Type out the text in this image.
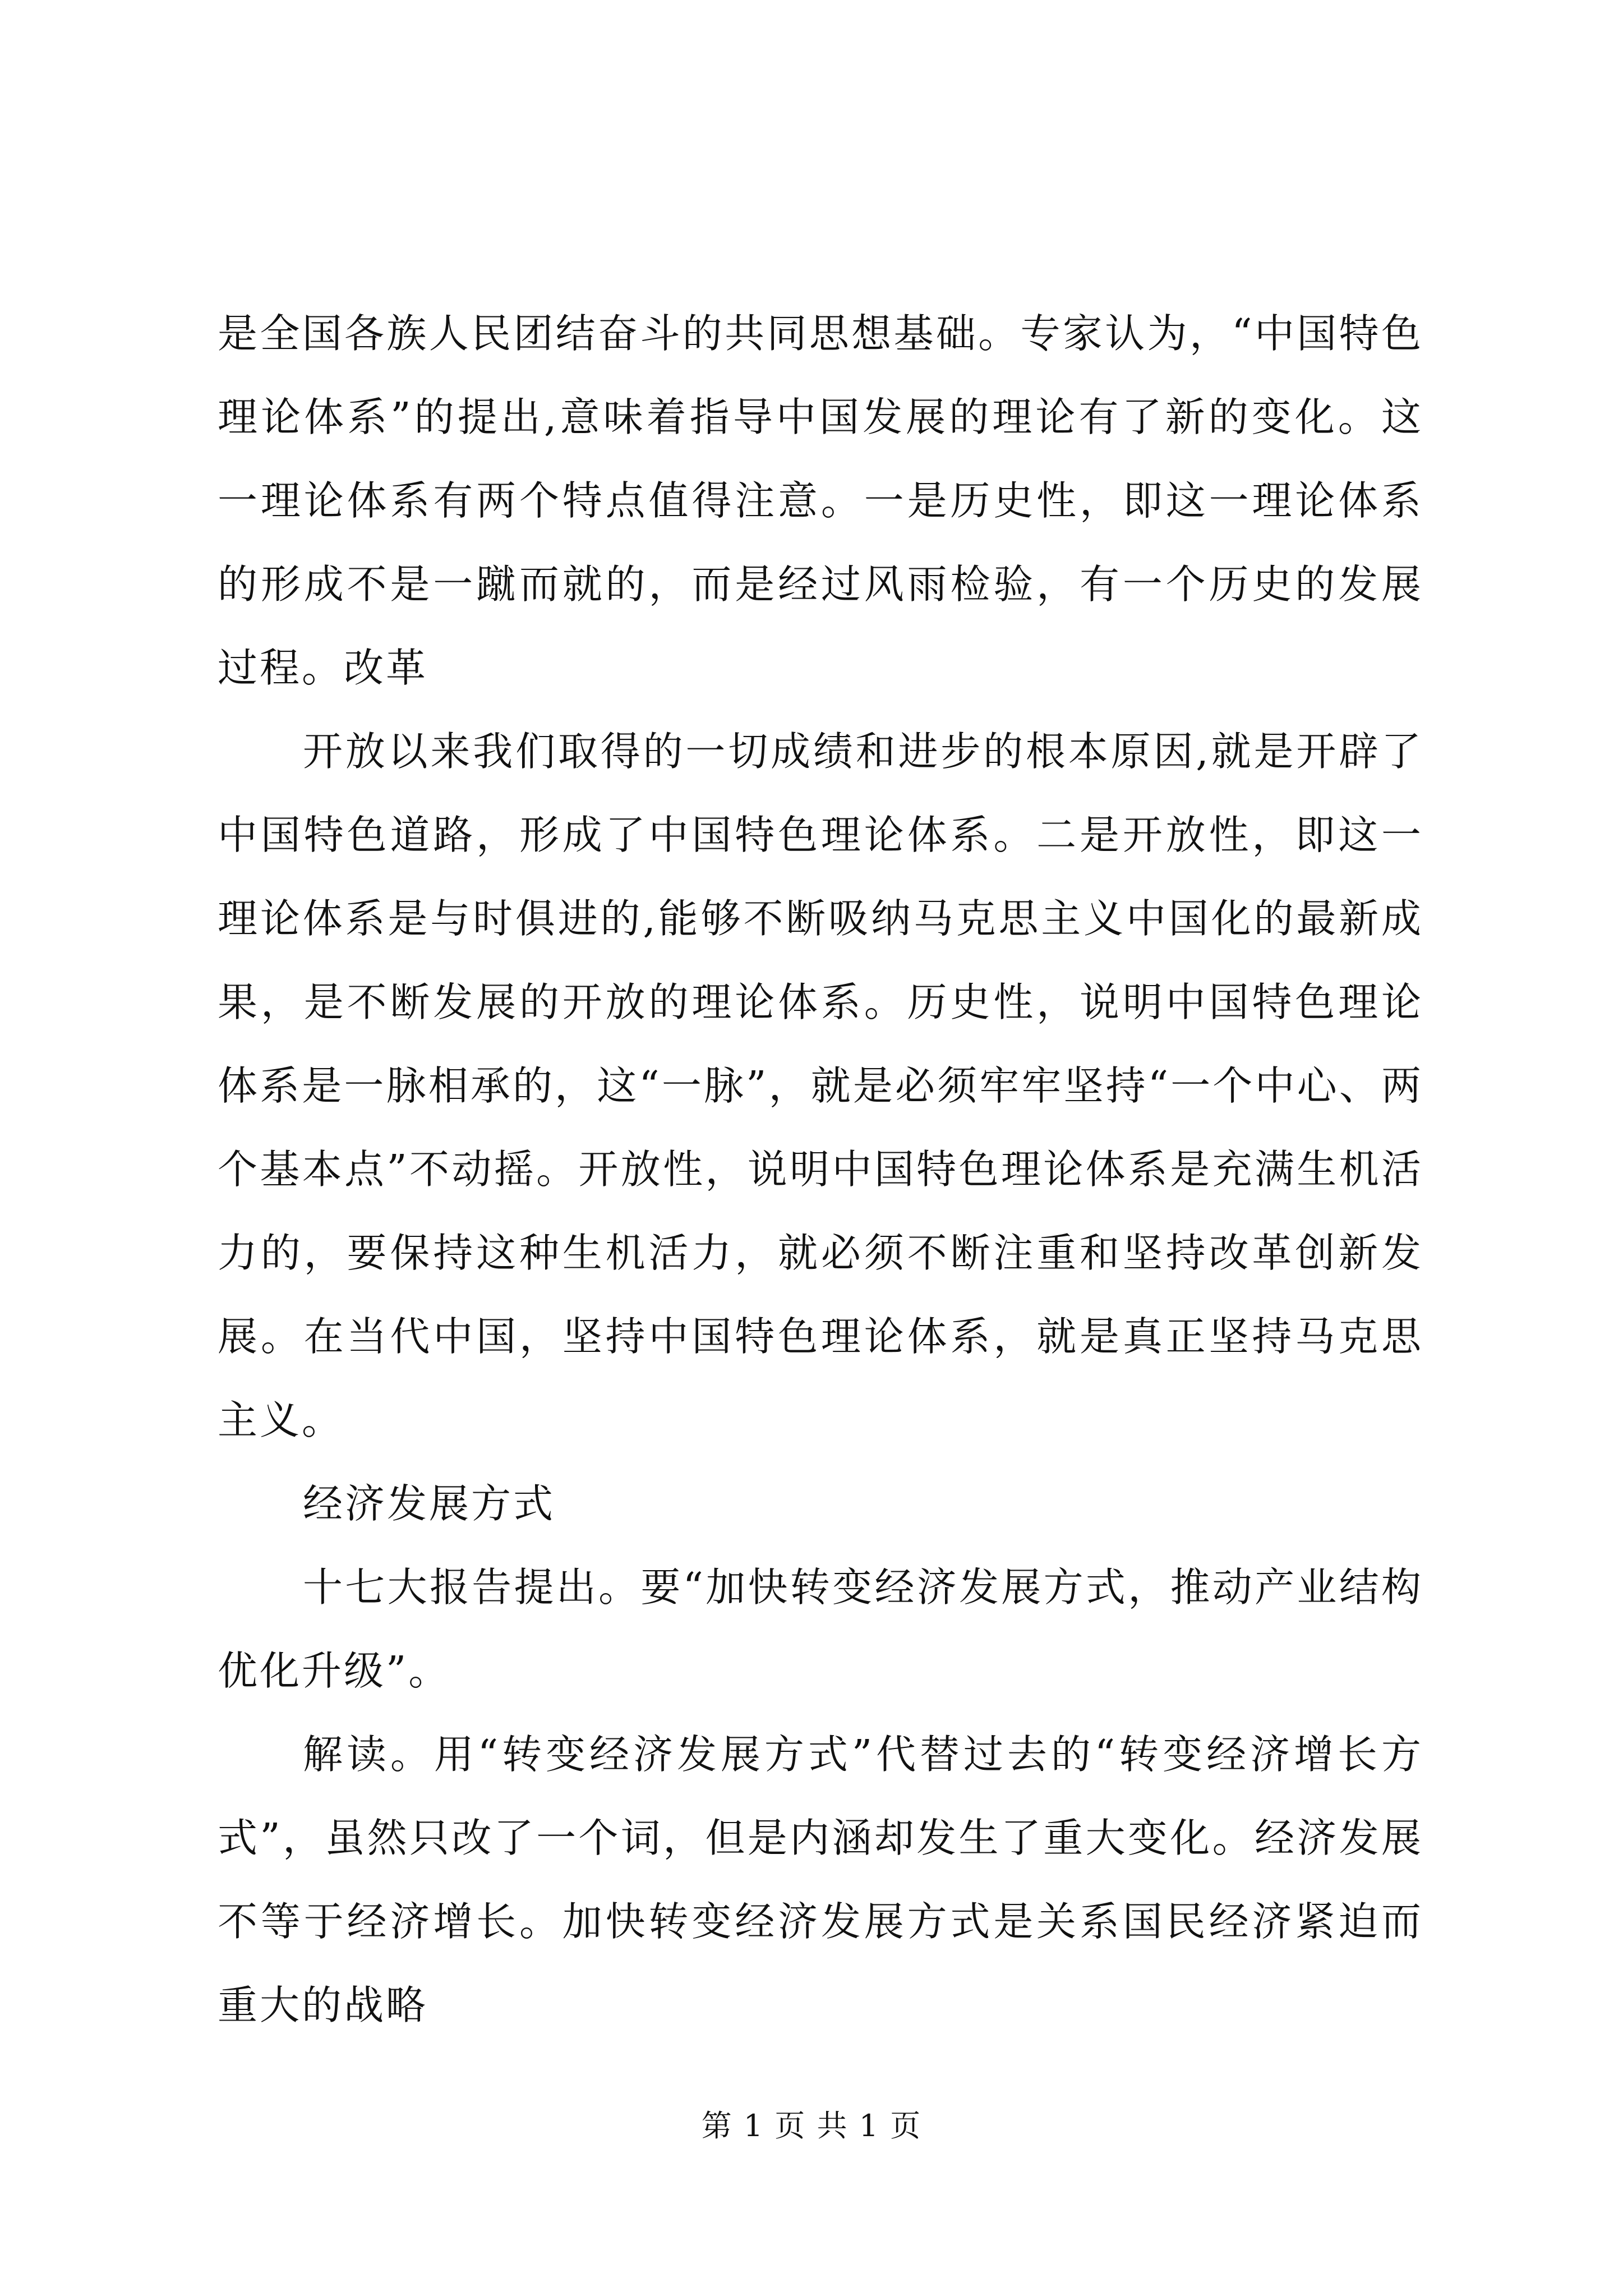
是全国各族人民团结奋斗的共同思想基础。专家认为，“中国特色理论体系”的提出,意味着指导中国发展的理论有了新的变化。这一理论体系有两个特点值得注意。一是历史性，即这一理论体系的形成不是一蹴而就的，而是经过风雨检验，有一个历史的发展过程。改革

开放以来我们取得的一切成绩和进步的根本原因,就是开辟了中国特色道路，形成了中国特色理论体系。二是开放性，即这一理论体系是与时俱进的,能够不断吸纳马克思主义中国化的最新成果，是不断发展的开放的理论体系。历史性，说明中国特色理论体系是一脉相承的，这“一脉”，就是必须牢牢坚持“一个中心、两个基本点”不动摇。开放性，说明中国特色理论体系是充满生机活力的，要保持这种生机活力，就必须不断注重和坚持改革创新发展。在当代中国，坚持中国特色理论体系，就是真正坚持马克思主义。

经济发展方式

十七大报告提出。要“加快转变经济发展方式，推动产业结构优化升级”。

解读。用“转变经济发展方式”代替过去的“转变经济增长方式”，虽然只改了一个词，但是内涵却发生了重大变化。经济发展不等于经济增长。加快转变经济发展方式是关系国民经济紧迫而重大的战略

第 1 页 共 1 页
